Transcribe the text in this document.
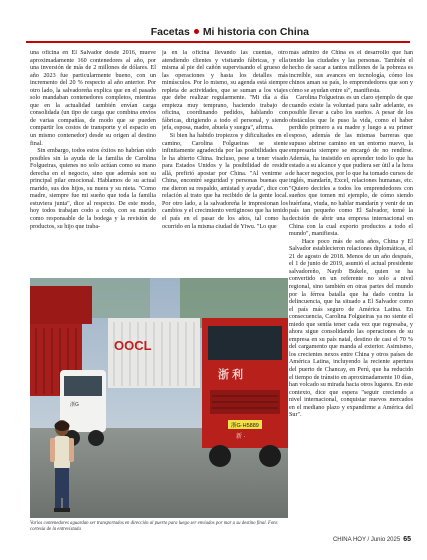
Facetas Mi historia con China
una oficina en El Salvador desde 2016, mueve aproximadamente 160 contenedores al año, por una inversión de más de 2 millones de dólares. El año 2023 fue particularmente bueno, con un incremento del 20 % respecto al año anterior. Por otro lado, la salvadoreña explica que en el pasado solo mandaban contenedores completos, mientras que en la actualidad también envían carga consolidada (un tipo de carga que combina envíos de varias compañías, de modo que se pueden compartir los costos de transporte y el espacio en un mismo contenedor) desde su origen al destino final.
Sin embargo, todos estos éxitos no habrían sido posibles sin la ayuda de la familia de Carolina Folgueiras, quienes no solo actúan como su mano derecha en el negocio, sino que además son su principal pilar emocional. Hablamos de su actual marido, sus dos hijos, su nuera y su nieta. "Como madre, siempre fue mi sueño que toda la familia estuviera junta", dice al respecto. De este modo, hoy todos trabajan codo a codo, con su marido como responsable de la bodega y la revisión de productos, su hijo que traba-
ja en la oficina llevando las cuentas, otro atendiendo clientes y visitando fábricas, y ella misma al pie del cañón supervisando el grueso de las operaciones y hasta los detalles más minúsculos. Por lo mismo, su agenda está siempre repleta de actividades, que se suman a los viajes que debe realizar regularmente. "Mi día a día empieza muy temprano, haciendo trabajo de oficina, coordinando pedidos, hablando con fábricas, dirigiendo a todo el personal, y siendo jefa, esposa, madre, abuela y suegra", afirma.
Si bien ha habido tropiezos y dificultades en el camino, Carolina Folgueiras se siente infinitamente agradecida por las posibilidades que le ha abierto China. Incluso, pese a tener visado para Estados Unidos y la posibilidad de residir allá, prefirió apostar por China. "Al venirme a China, encontré seguridad y personas buenas que me dieron su respaldo, amistad y ayuda", dice con relación al trato que ha recibido de la gente local. Por otro lado, a la salvadoreña le impresionan los cambios y el crecimiento vertiginoso que ha tenido el país en el pasar de los años, tal como ha ocurrido en la misma ciudad de Yiwu. "Lo que
más admiro de China es el desarrollo que han tenido las ciudades y las personas. También el hecho de sacar a tantos millones de la pobreza es increíble, sus avances en tecnología, cómo los chinos aman su país, lo emprendedores que son y cómo se ayudan entre sí", manifiesta.
Carolina Folgueiras es un claro ejemplo de que cuando existe la voluntad para salir adelante, es posible llevar a cabo los sueños. A pesar de los obstáculos que le puso la vida, como el haber perdido primero a su madre y luego a su primer esposo, además de las mismas barreras que supuso abrirse camino en un entorno nuevo, la empresaria siempre se encargó de no rendirse. Además, ha insistido en aprender todo lo que ha estado a su alcance y que pudiera ser útil a la hora de hacer negocios, por lo que ha tomado cursos de inglés, mandarín, Excel, relaciones humanas, etc. "Quiero decirles a todos los emprendedores con sueños que tomen mi ejemplo, de cómo siendo huérfana, viuda, no hablar mandarín y venir de un país tan pequeño como El Salvador, tomé la decisión de abrir una empresa internacional en China con la cual exporto productos a todo el mundo", manifiesta.
Hace poco más de seis años, China y El Salvador establecieron relaciones diplomáticas, el 21 de agosto de 2018. Menos de un año después, el 1 de junio de 2019, asumió el actual presidente salvadoreño, Nayib Bukele, quien se ha convertido en un referente no solo a nivel regional, sino también en otras partes del mundo por la férrea batalla que ha dado contra la delincuencia, que ha situado a El Salvador como el país más seguro de América Latina. En consecuencia, Carolina Folgueiras ya no siente el miedo que sentía tener cada vez que regresaba, y ahora sigue consolidando las operaciones de su empresa en su país natal, destino de casi el 70 % del cargamento que manda al exterior. Asimismo, los crecientes nexos entre China y otros países de América Latina, incluyendo la reciente apertura del puerto de Chancay, en Perú, que ha reducido el tiempo de tránsito en aproximadamente 10 días, han volcado su mirada hacia otros lugares. En este contexto, dice que espera "seguir creciendo a nivel internacional, conquistar nuevos mercados en el mediano plazo y expandirme a América del Sur".
浙G
OOCL
浙 利
浙G·H5889
新 ·
Varios contenedores aguardan ser transportados en dirección al puerto para luego ser enviados por mar a su destino final. Foto: cortesía de la entrevistada
CHINA HOY / Junio 2025 65
